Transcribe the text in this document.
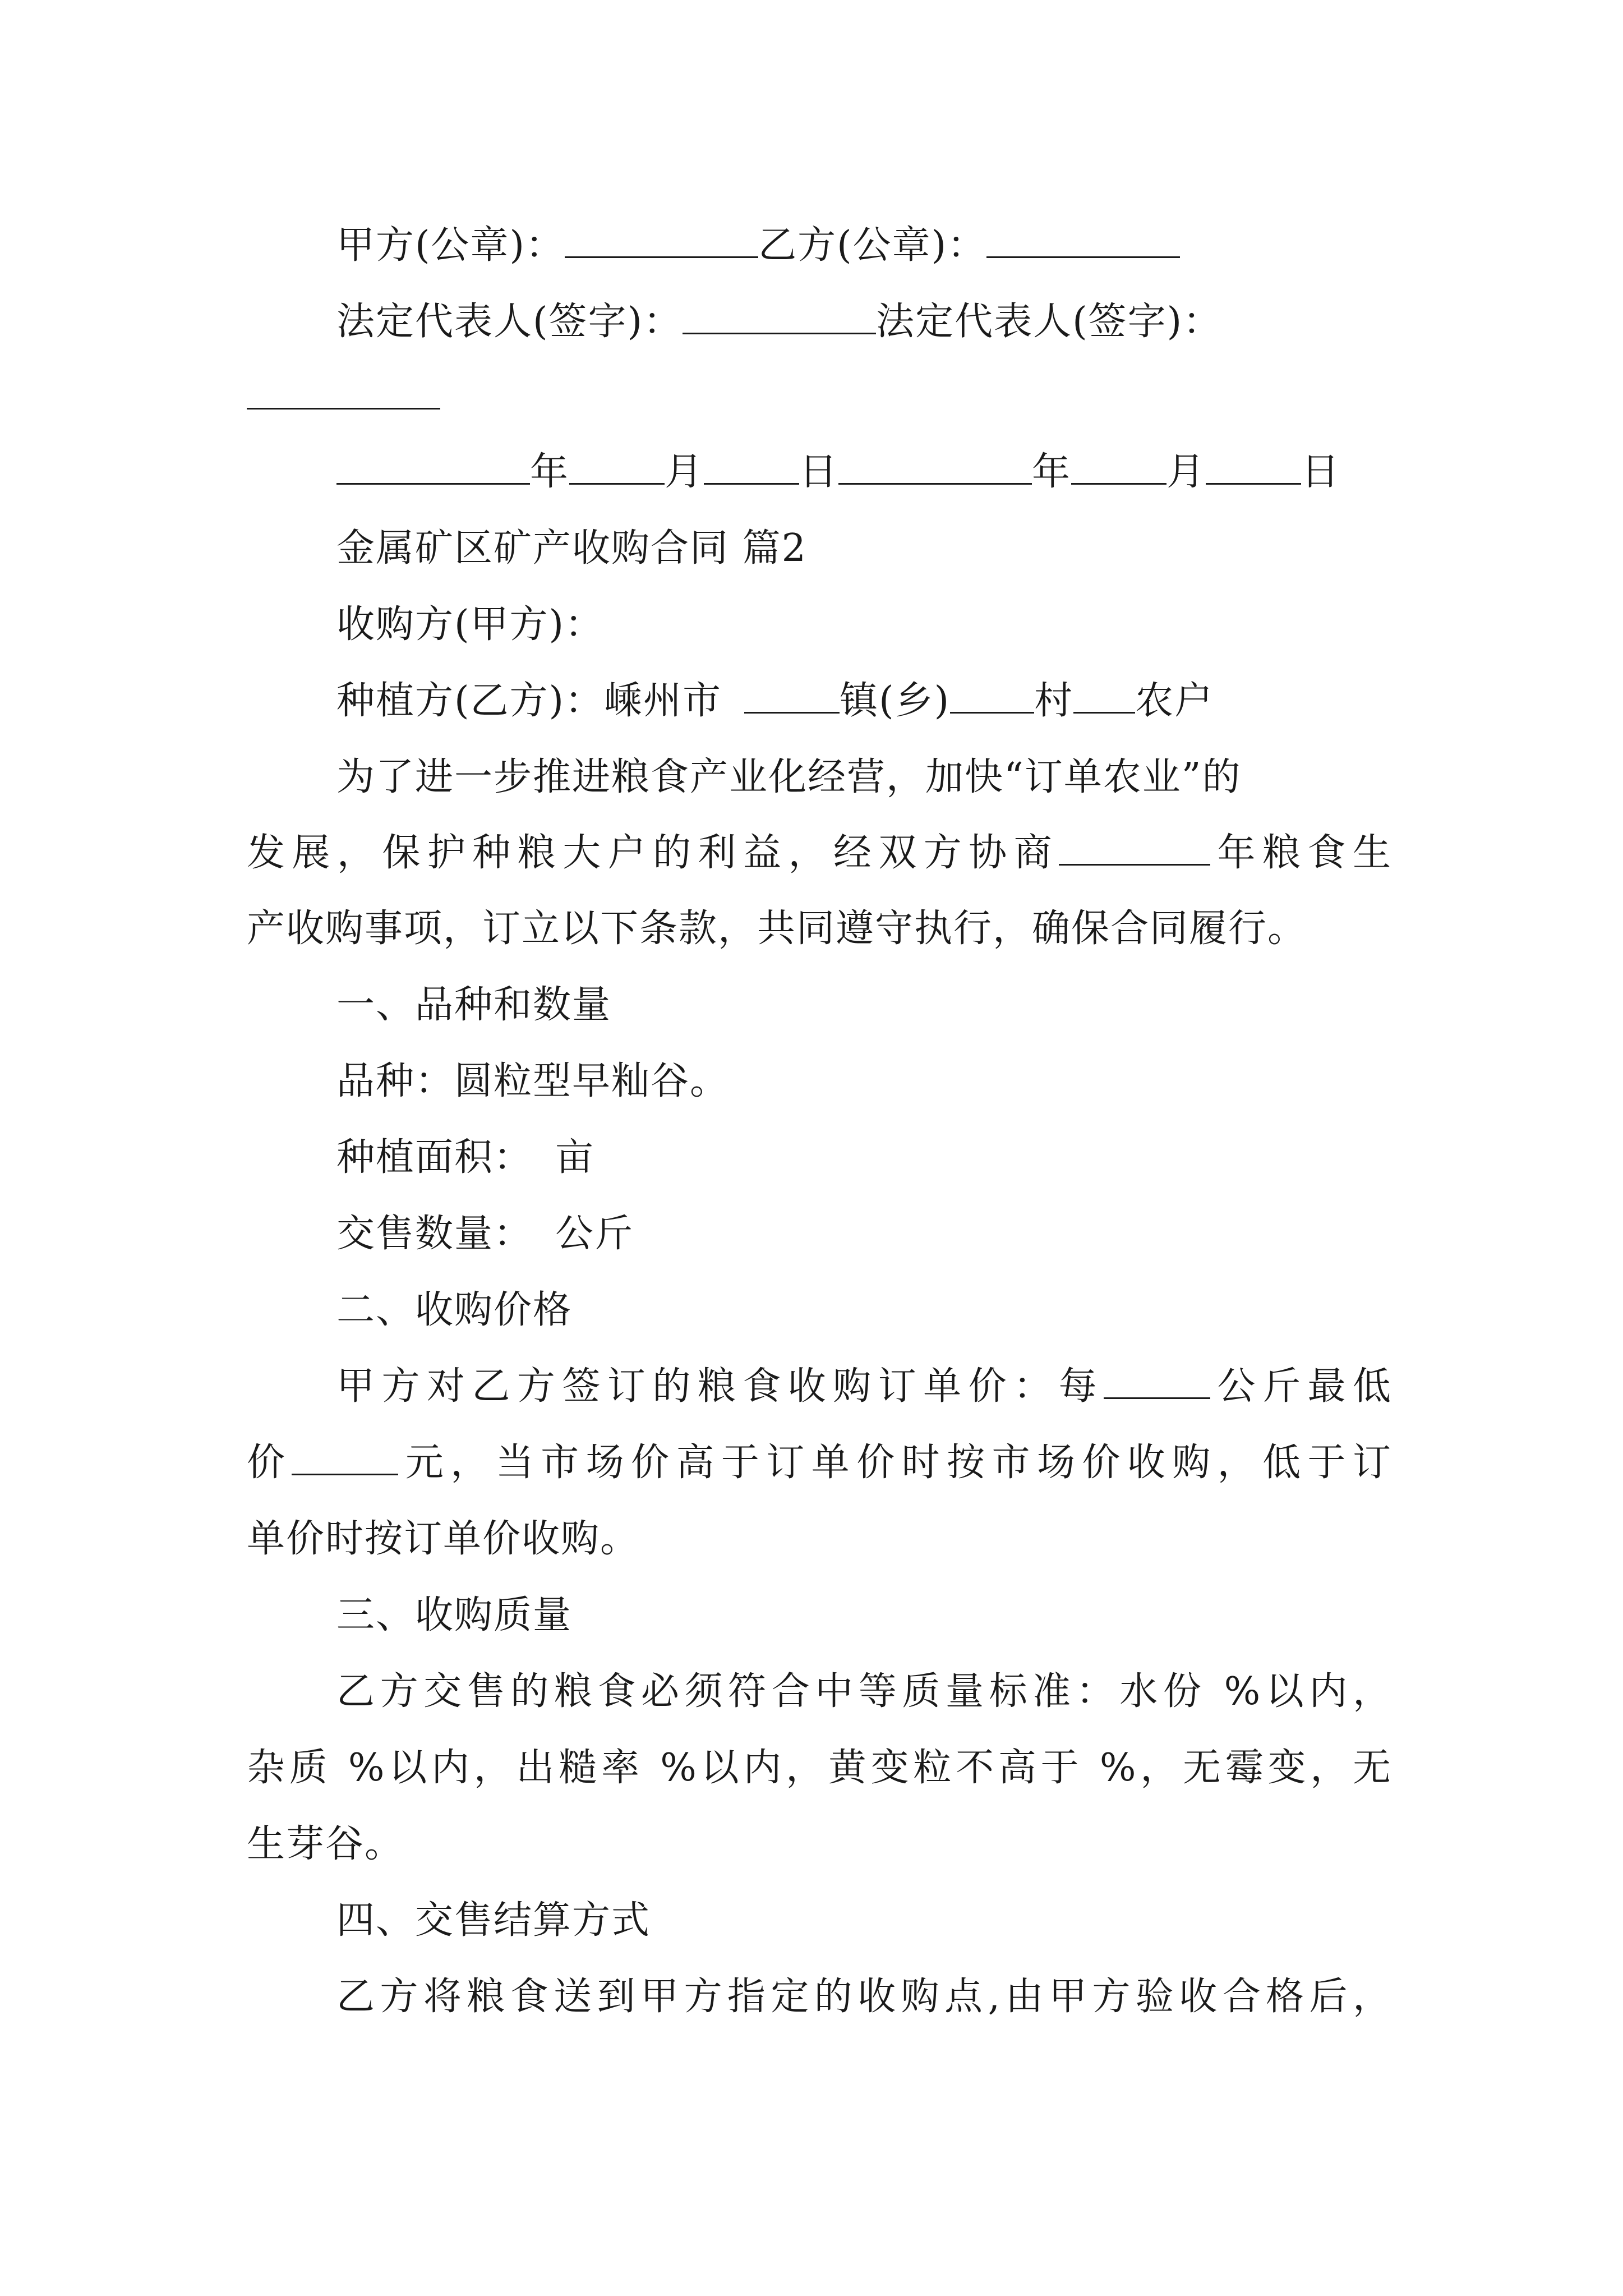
甲方(公章)：	乙方(公章)：
法定代表人(签字)：	法定代表人(签字)：
年	月	日	年	月	日
金属矿区矿产收购合同 篇2
收购方(甲方)：
种植方(乙方)：嵊州市	镇(乡) 村 农户
为了进一步推进粮食产业化经营，加快“订单农业”的
发展，保护种粮大户的利益，经双方协商	年粮食生
产收购事项，订立以下条款，共同遵守执行，确保合同履行。
一、品种和数量
品种：圆粒型早籼谷。
种植面积： 亩
交售数量： 公斤
二、收购价格
甲方对乙方签订的粮食收购订单价：每	公斤最低
价	元，当市场价高于订单价时按市场价收购，低于订
单价时按订单价收购。
三、收购质量
乙方交售的粮食必须符合中等质量标准：水份 %以内，
杂质 %以内，出糙率 %以内，黄变粒不高于 %，无霉变，无
生芽谷。
四、交售结算方式
乙方将粮食送到甲方指定的收购点,由甲方验收合格后，
